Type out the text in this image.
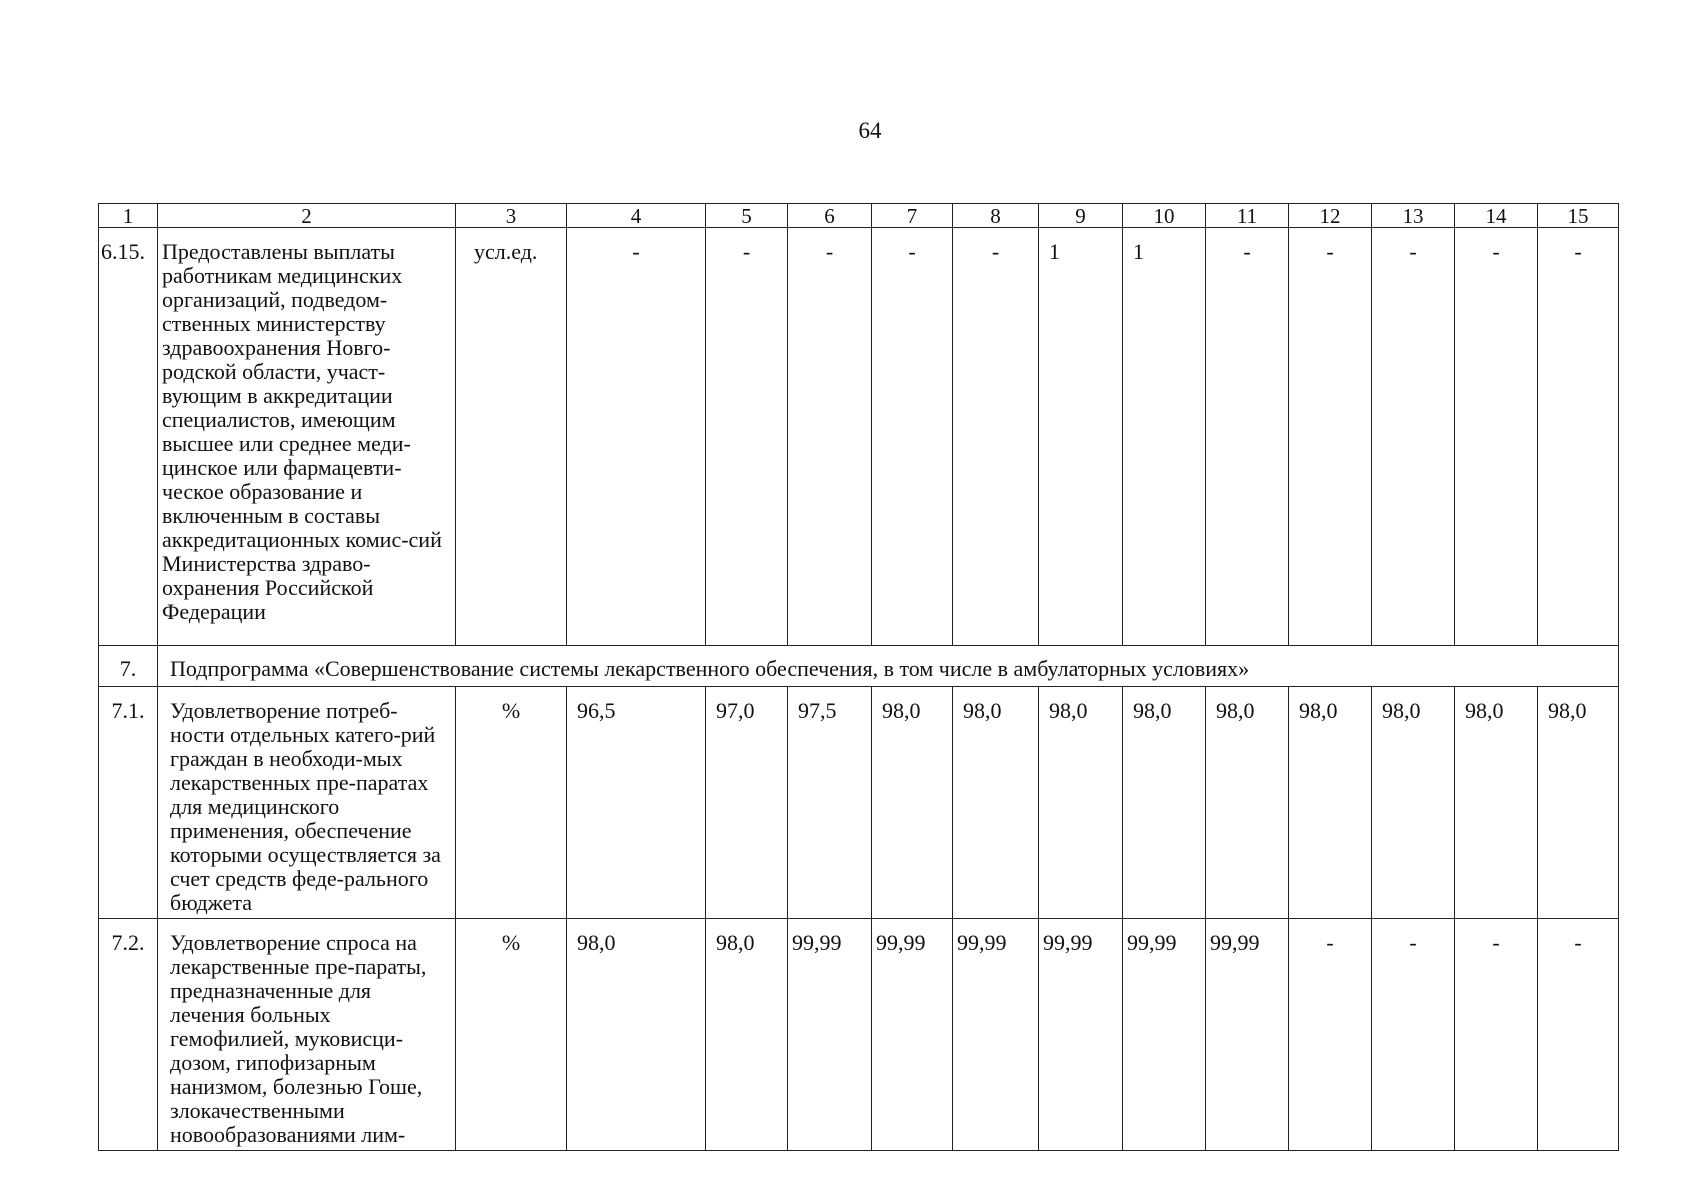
64
1	2	3	4	5	6	7	8	9	10	11	12	13	14	15
6.15.	Предоставлены выплаты работникам медицинских организаций, подведом-ственных министерству здравоохранения Новго-родской области, участ-вующим в аккредитации специалистов, имеющим высшее или среднее меди-цинское или фармацевти-ческое образование и включенным в составы аккредитационных комис-сий Министерства здраво-охранения Российской Федерации	усл.ед.	-	-	-	-	-	1	1	-	-	-	-	-
7.	Подпрограмма «Совершенствование системы лекарственного обеспечения, в том числе в амбулаторных условиях»													
7.1.	Удовлетворение потреб-ности отдельных катего-рий граждан в необходи-мых лекарственных пре-паратах для медицинского применения, обеспечение которыми осуществляется за счет средств феде-рального бюджета	%	96,5	97,0	97,5	98,0	98,0	98,0	98,0	98,0	98,0	98,0	98,0	98,0
7.2.	Удовлетворение спроса на лекарственные пре-параты, предназначенные для лечения больных гемофилией, муковисци-дозом, гипофизарным нанизмом, болезнью Гоше, злокачественными новообразованиями лим-	%	98,0	98,0	99,99	99,99	99,99	99,99	99,99	99,99	-	-	-	-
